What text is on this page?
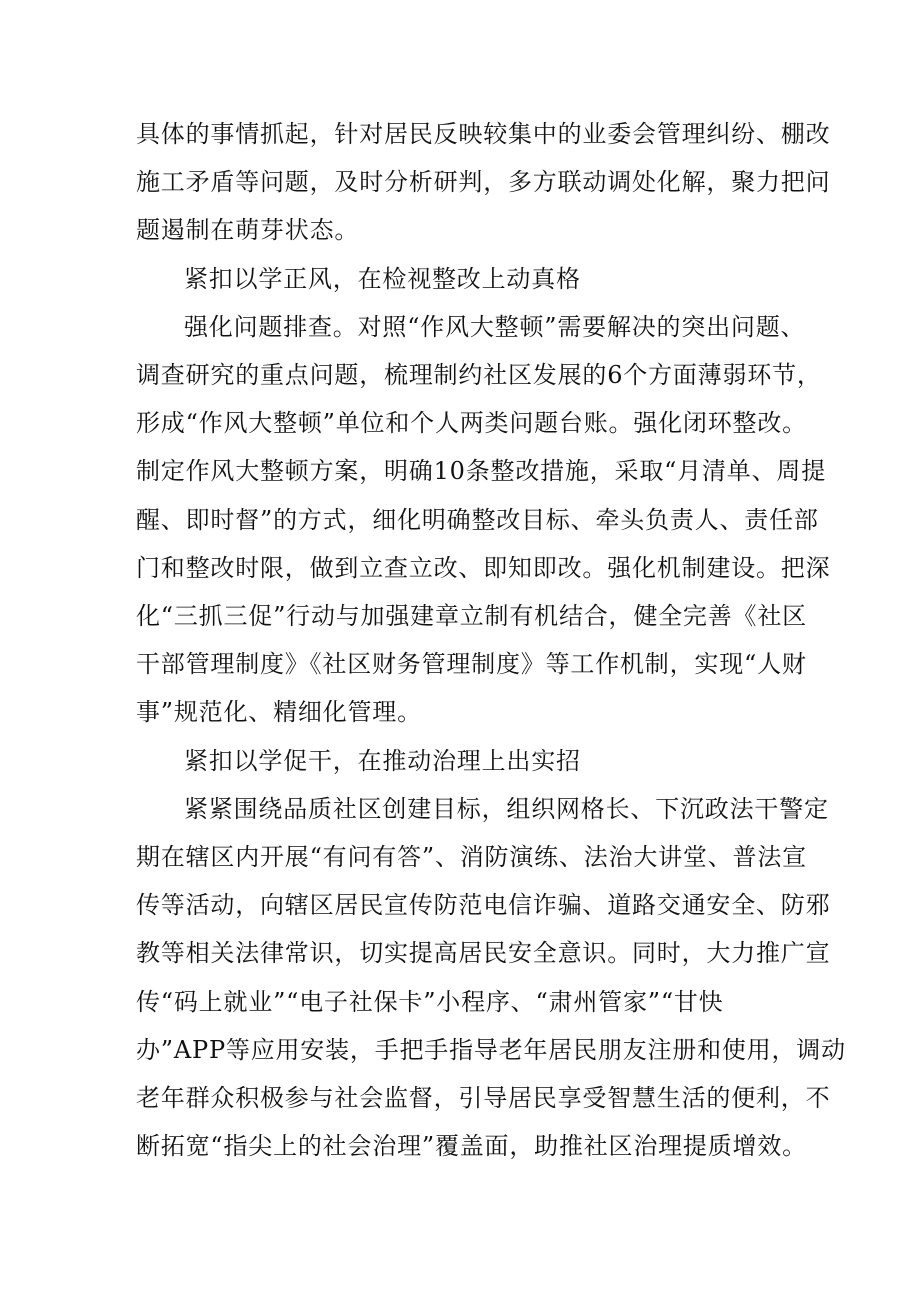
具体的事情抓起，针对居民反映较集中的业委会管理纠纷、棚改
施工矛盾等问题，及时分析研判，多方联动调处化解，聚力把问
题遏制在萌芽状态。

紧扣以学正风，在检视整改上动真格

强化问题排查。对照“作风大整顿”需要解决的突出问题、
调查研究的重点问题，梳理制约社区发展的6个方面薄弱环节，
形成“作风大整顿”单位和个人两类问题台账。强化闭环整改。
制定作风大整顿方案，明确10条整改措施，采取“月清单、周提
醒、即时督”的方式，细化明确整改目标、牵头负责人、责任部
门和整改时限，做到立查立改、即知即改。强化机制建设。把深
化“三抓三促”行动与加强建章立制有机结合，健全完善《社区
干部管理制度》《社区财务管理制度》等工作机制，实现“人财
事”规范化、精细化管理。

紧扣以学促干，在推动治理上出实招

紧紧围绕品质社区创建目标，组织网格长、下沉政法干警定
期在辖区内开展“有问有答”、消防演练、法治大讲堂、普法宣
传等活动，向辖区居民宣传防范电信诈骗、道路交通安全、防邪
教等相关法律常识，切实提高居民安全意识。同时，大力推广宣
传“码上就业”“电子社保卡”小程序、“肃州管家”“甘快
办”APP等应用安装，手把手指导老年居民朋友注册和使用，调动
老年群众积极参与社会监督，引导居民享受智慧生活的便利，不
断拓宽“指尖上的社会治理”覆盖面，助推社区治理提质增效。
